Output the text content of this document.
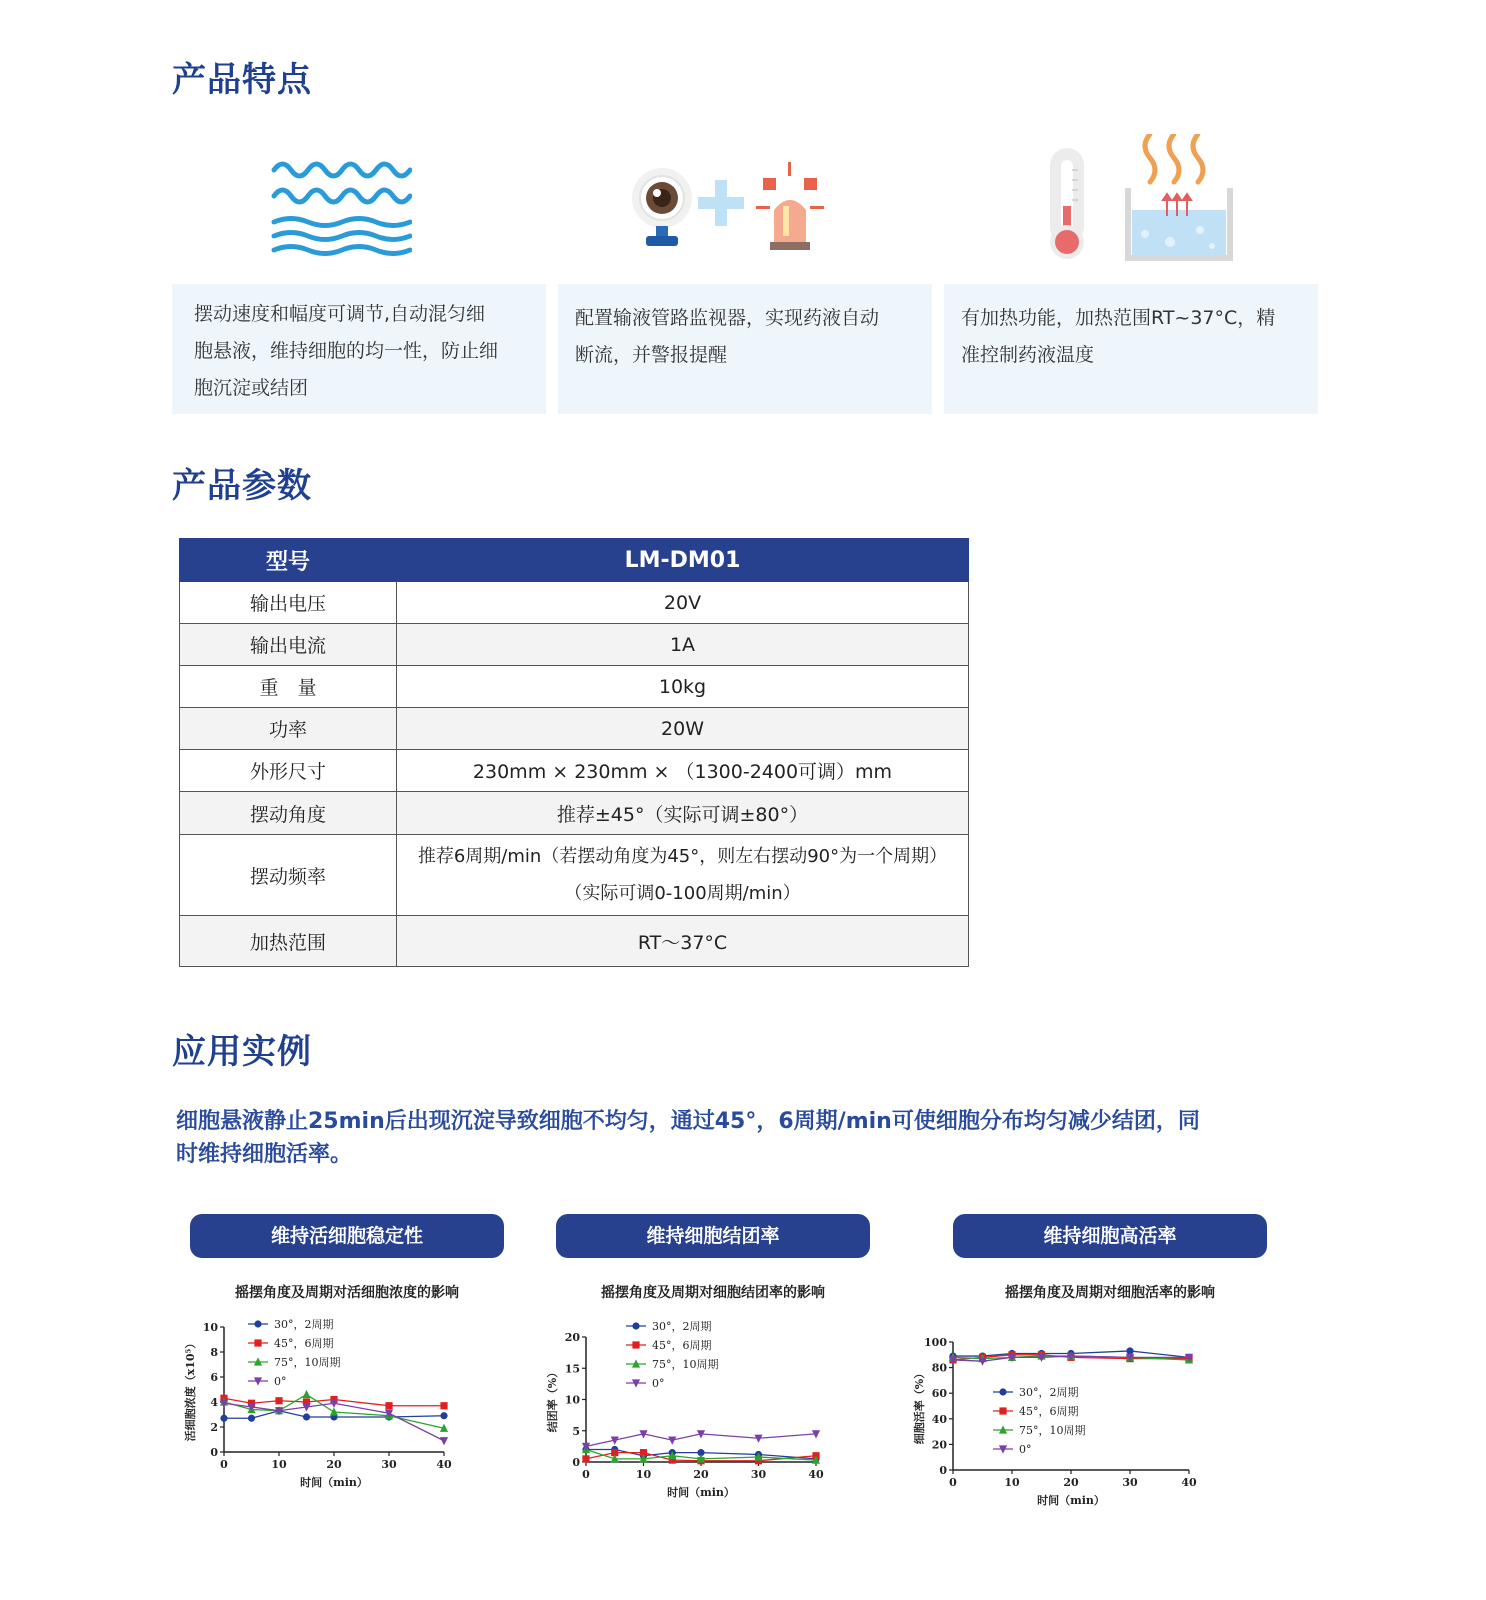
产品特点
摆动速度和幅度可调节,自动混匀细
胞悬液，维持细胞的均一性，防止细
胞沉淀或结团
配置输液管路监视器，实现药液自动
断流，并警报提醒
有加热功能，加热范围RT~37°C，精
准控制药液温度
产品参数
型号	LM-DM01
输出电压	20V
输出电流	1A
重　量	10kg
功率	20W
外形尺寸	230mm × 230mm × （1300-2400可调）mm
摆动角度	推荐±45°（实际可调±80°）
摆动频率	推荐6周期/min（若摆动角度为45°，则左右摆动90°为一个周期）
（实际可调0-100周期/min）

加热范围	RT～37°C
应用实例
细胞悬液静止25min后出现沉淀导致细胞不均匀，通过45°，6周期/min可使细胞分布均匀减少结团，同
时维持细胞活率。
维持活细胞稳定性	维持细胞结团率	维持细胞高活率
摇摆角度及周期对活细胞浓度的影响	摇摆角度及周期对细胞结团率的影响	摇摆角度及周期对细胞活率的影响
0	10	20	30	40
0
2
4
6
8
10
时间（min）
活细胞浓度（x10⁵）
30°，2周期
45°，6周期
75°，10周期
0°
0	10	20	30	40
0
5
10
15
20
时间（min）
结团率（%）
30°，2周期
45°，6周期
75°，10周期
0°
0	10	20	30	40
0
20
40
60
80
100
时间（min）
细胞活率（%）	30°，2周期
45°，6周期
75°，10周期
0°
